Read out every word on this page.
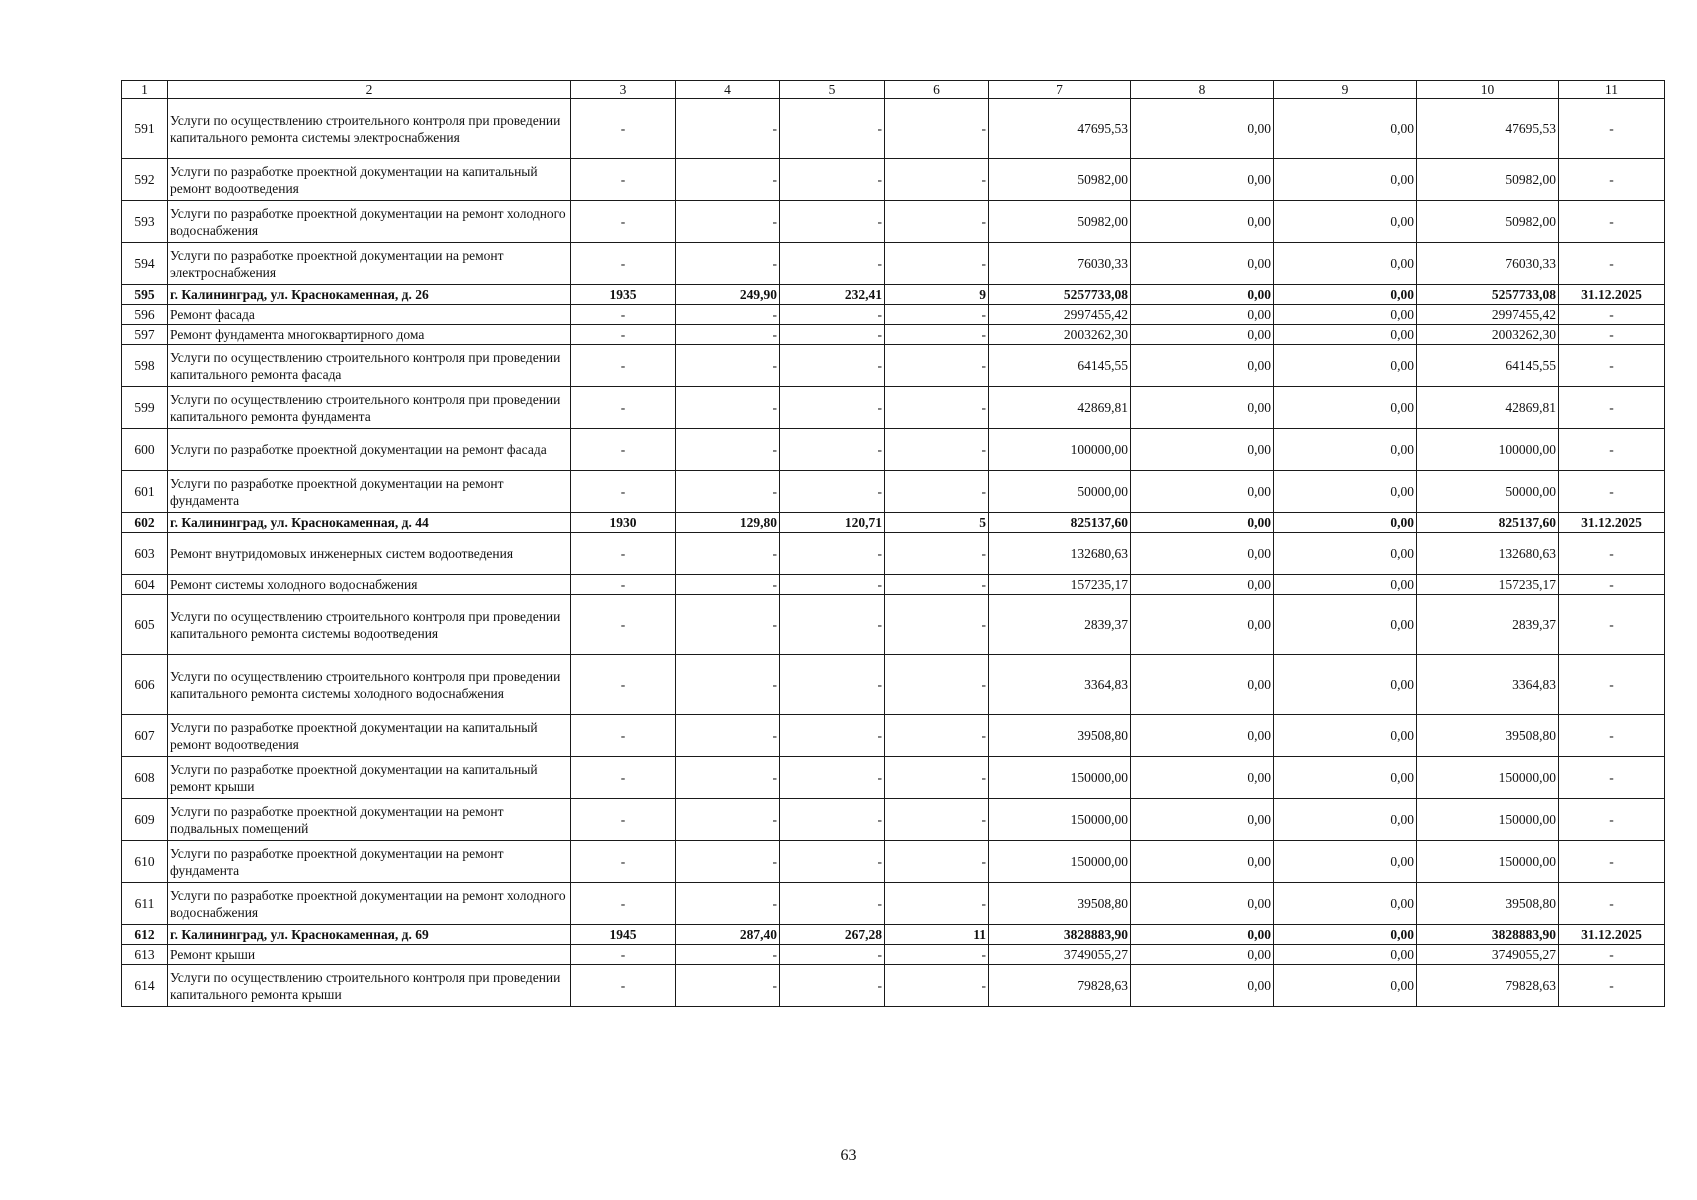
1	2	3	4	5	6	7	8	9	10	11
591	Услуги по осуществлению строительного контроля при проведении капитального ремонта системы электроснабжения	-	-	-	-	47695,53	0,00	0,00	47695,53	-
592	Услуги по разработке проектной документации на капитальный ремонт водоотведения	-	-	-	-	50982,00	0,00	0,00	50982,00	-
593	Услуги по разработке проектной документации на ремонт холодного водоснабжения	-	-	-	-	50982,00	0,00	0,00	50982,00	-
594	Услуги по разработке проектной документации на ремонт электроснабжения	-	-	-	-	76030,33	0,00	0,00	76030,33	-
595	г. Калининград, ул. Краснокаменная, д. 26	1935	249,90	232,41	9	5257733,08	0,00	0,00	5257733,08	31.12.2025
596	Ремонт фасада	-	-	-	-	2997455,42	0,00	0,00	2997455,42	-
597	Ремонт фундамента многоквартирного дома	-	-	-	-	2003262,30	0,00	0,00	2003262,30	-
598	Услуги по осуществлению строительного контроля при проведении капитального ремонта фасада	-	-	-	-	64145,55	0,00	0,00	64145,55	-
599	Услуги по осуществлению строительного контроля при проведении капитального ремонта фундамента	-	-	-	-	42869,81	0,00	0,00	42869,81	-
600	Услуги по разработке проектной документации на ремонт фасада	-	-	-	-	100000,00	0,00	0,00	100000,00	-
601	Услуги по разработке проектной документации на ремонт фундамента	-	-	-	-	50000,00	0,00	0,00	50000,00	-
602	г. Калининград, ул. Краснокаменная, д. 44	1930	129,80	120,71	5	825137,60	0,00	0,00	825137,60	31.12.2025
603	Ремонт внутридомовых инженерных систем водоотведения	-	-	-	-	132680,63	0,00	0,00	132680,63	-
604	Ремонт системы холодного водоснабжения	-	-	-	-	157235,17	0,00	0,00	157235,17	-
605	Услуги по осуществлению строительного контроля при проведении капитального ремонта системы водоотведения	-	-	-	-	2839,37	0,00	0,00	2839,37	-
606	Услуги по осуществлению строительного контроля при проведении капитального ремонта системы холодного водоснабжения	-	-	-	-	3364,83	0,00	0,00	3364,83	-
607	Услуги по разработке проектной документации на капитальный ремонт водоотведения	-	-	-	-	39508,80	0,00	0,00	39508,80	-
608	Услуги по разработке проектной документации на капитальный ремонт крыши	-	-	-	-	150000,00	0,00	0,00	150000,00	-
609	Услуги по разработке проектной документации на ремонт подвальных помещений	-	-	-	-	150000,00	0,00	0,00	150000,00	-
610	Услуги по разработке проектной документации на ремонт фундамента	-	-	-	-	150000,00	0,00	0,00	150000,00	-
611	Услуги по разработке проектной документации на ремонт холодного водоснабжения	-	-	-	-	39508,80	0,00	0,00	39508,80	-
612	г. Калининград, ул. Краснокаменная, д. 69	1945	287,40	267,28	11	3828883,90	0,00	0,00	3828883,90	31.12.2025
613	Ремонт крыши	-	-	-	-	3749055,27	0,00	0,00	3749055,27	-
614	Услуги по осуществлению строительного контроля при проведении капитального ремонта крыши	-	-	-	-	79828,63	0,00	0,00	79828,63	-
63
